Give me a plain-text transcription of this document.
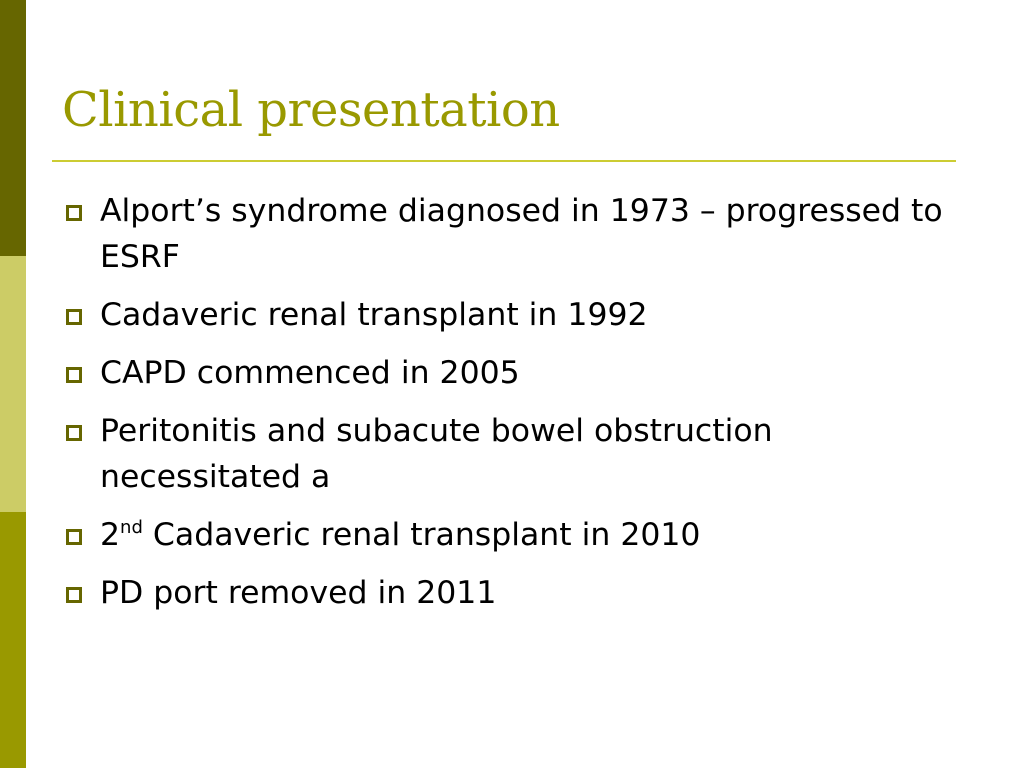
Clinical presentation
Alport’s syndrome diagnosed in 1973 – progressed to ESRF
Cadaveric renal transplant in 1992
CAPD commenced in 2005
Peritonitis and subacute bowel obstruction necessitated a
2nd Cadaveric renal transplant in 2010
PD port removed in 2011
